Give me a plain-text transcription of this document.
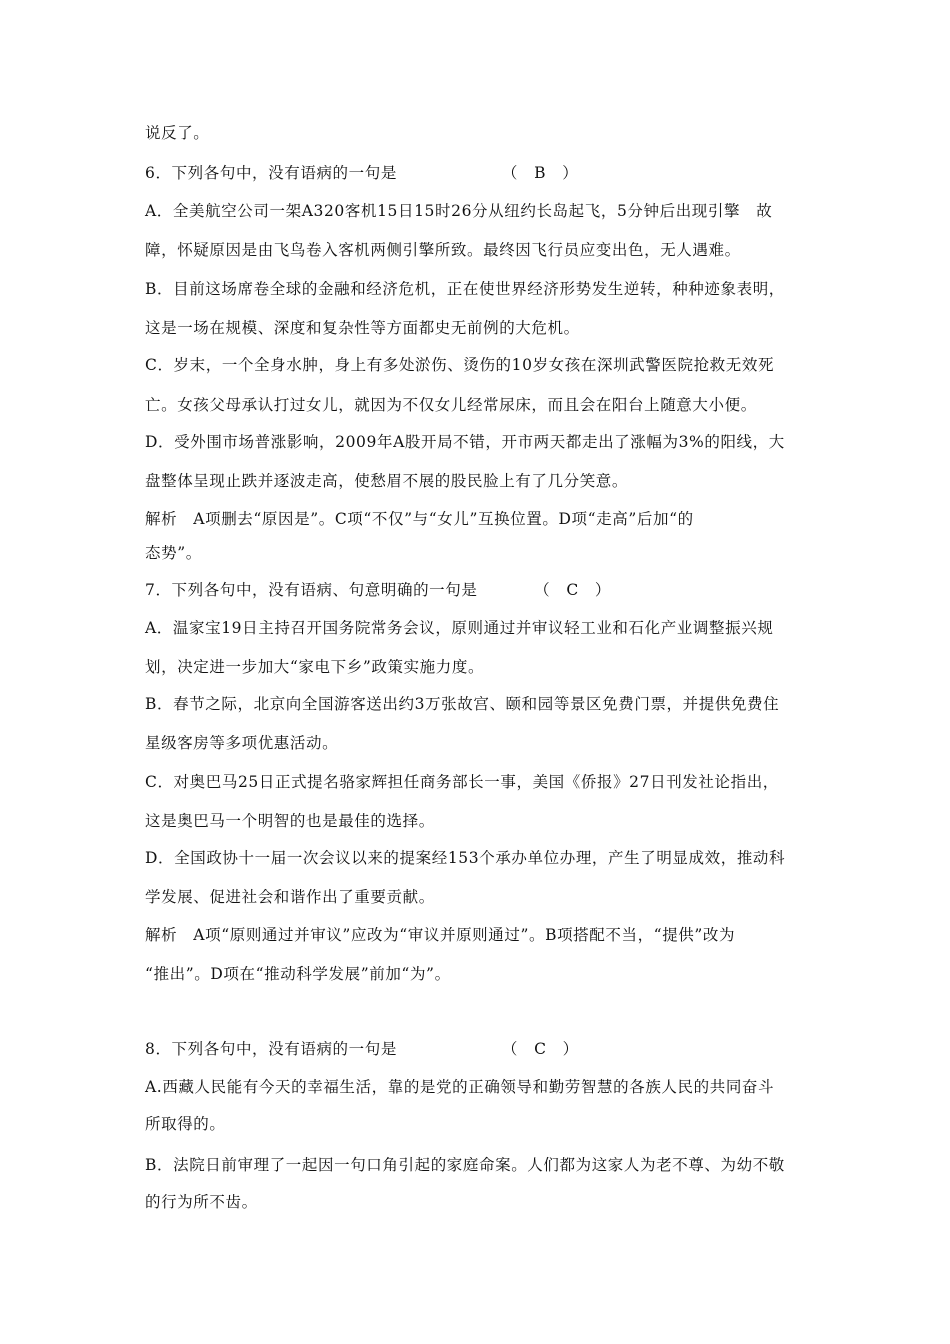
说反了。
6．下列各句中，没有语病的一句是　　　　　　　（　B　）
A．全美航空公司一架A320客机15日15时26分从纽约长岛起飞，5分钟后出现引擎　故
障，怀疑原因是由飞鸟卷入客机两侧引擎所致。最终因飞行员应变出色，无人遇难。
B．目前这场席卷全球的金融和经济危机，正在使世界经济形势发生逆转，种种迹象表明，
这是一场在规模、深度和复杂性等方面都史无前例的大危机。
C．岁末，一个全身水肿，身上有多处淤伤、烫伤的10岁女孩在深圳武警医院抢救无效死
亡。女孩父母承认打过女儿，就因为不仅女儿经常尿床，而且会在阳台上随意大小便。
D．受外围市场普涨影响，2009年A股开局不错，开市两天都走出了涨幅为3%的阳线，大
盘整体呈现止跌并逐波走高，使愁眉不展的股民脸上有了几分笑意。
解析　A项删去“原因是”。C项“不仅”与“女儿”互换位置。D项“走高”后加“的
态势”。
7．下列各句中，没有语病、句意明确的一句是　　　　（　C　）
A．温家宝19日主持召开国务院常务会议，原则通过并审议轻工业和石化产业调整振兴规
划，决定进一步加大“家电下乡”政策实施力度。
B．春节之际，北京向全国游客送出约3万张故宫、颐和园等景区免费门票，并提供免费住
星级客房等多项优惠活动。
C．对奥巴马25日正式提名骆家辉担任商务部长一事，美国《侨报》27日刊发社论指出，
这是奥巴马一个明智的也是最佳的选择。
D．全国政协十一届一次会议以来的提案经153个承办单位办理，产生了明显成效，推动科
学发展、促进社会和谐作出了重要贡献。
解析　A项“原则通过并审议”应改为“审议并原则通过”。B项搭配不当，“提供”改为
“推出”。D项在“推动科学发展”前加“为”。
8．下列各句中，没有语病的一句是　　　　　　　（　C　）
A.西藏人民能有今天的幸福生活，靠的是党的正确领导和勤劳智慧的各族人民的共同奋斗
所取得的。
B．法院日前审理了一起因一句口角引起的家庭命案。人们都为这家人为老不尊、为幼不敬
的行为所不齿。
